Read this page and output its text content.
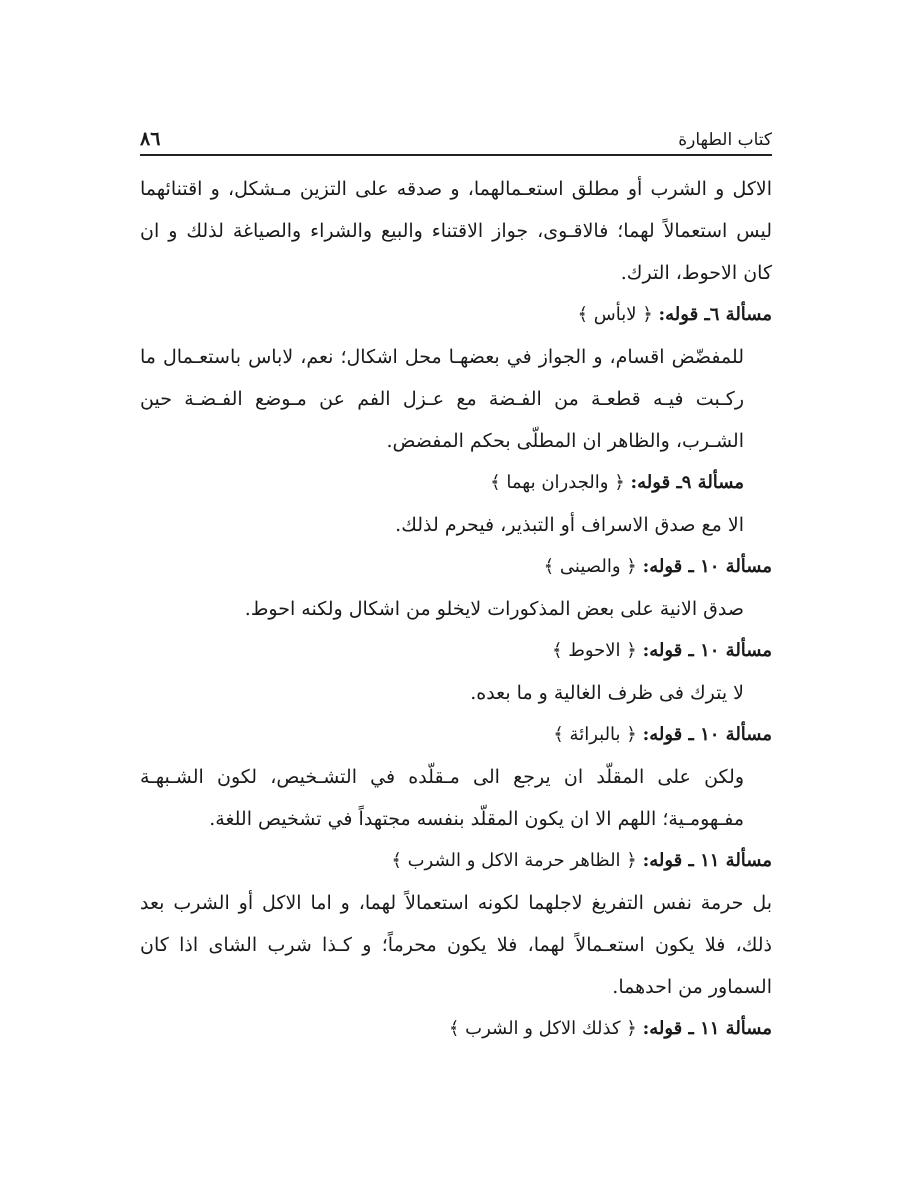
كتاب الطهارة
٨٦

الاكل و الشرب أو مطلق استعـمالهما، و صدقه على التزين مـشكل، و اقتنائهما ليس استعمالاً لهما؛ فالاقـوى، جواز الاقتناء والبيع والشراء والصياغة لذلك و ان كان الاحوط، الترك.

مسألة ٦ـ قوله: ﴿ لابأس ﴾

للمفضّض اقسام، و الجواز في بعضهـا محل اشكال؛ نعم، لاباس باستعـمال ما ركـبت فيـه قطعـة من الفـضة مع عـزل الفم عن مـوضع الفـضـة حين الشـرب، والظاهر ان المطلّى بحكم المفضض.

مسألة ٩ـ قوله: ﴿ والجدران بهما ﴾

الا مع صدق الاسراف أو التبذير، فيحرم لذلك.

مسألة ١٠ ـ قوله: ﴿ والصينى ﴾

صدق الانية على بعض المذكورات لايخلو من اشكال ولكنه احوط.

مسألة ١٠ ـ قوله: ﴿ الاحوط ﴾

لا يترك فى ظرف الغالية و ما بعده.

مسألة ١٠ ـ قوله: ﴿ بالبرائة ﴾

ولكن على المقلّد ان يرجع الى مـقلّده في التشـخيص، لكون الشـبهـة مفـهومـية؛ اللهم الا ان يكون المقلّد بنفسه مجتهداً في تشخيص اللغة.

مسألة ١١ ـ قوله: ﴿ الظاهر حرمة الاكل و الشرب ﴾

بل حرمة نفس التفريغ لاجلهما لكونه استعمالاً لهما، و اما الاكل أو الشرب بعد ذلك، فلا يكون استعـمالاً لهما، فلا يكون محرماً؛ و كـذا شرب الشاى اذا كان السماور من احدهما.

مسألة ١١ ـ قوله: ﴿ كذلك الاكل و الشرب ﴾
